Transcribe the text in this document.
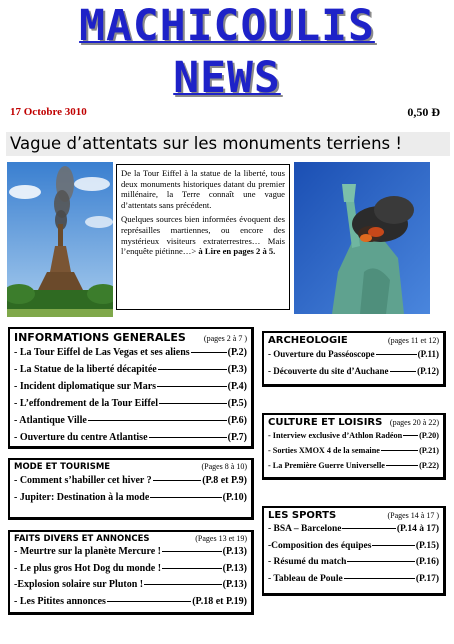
MACHICOULIS
NEWS
17 Octobre 3010	0,50 Ð
Vague d’attentats sur les monuments terriens !

De la Tour Eiffel à la statue de la liberté, tous deux monuments historiques datant du premier millénaire, la Terre connaît une vague d’attentats sans précédent.

Quelques sources bien informées évoquent des représailles martiennes, ou encore des mystérieux visiteurs extraterrestres… Mais l’enquête piétinne…> à Lire en pages 2 à 5.

INFORMATIONS GENERALES (pages 2 à 7 )
- La Tour Eiffel de Las Vegas et ses aliens	(P.2)
- La Statue de la liberté décapitée	(P.3)
- Incident diplomatique sur Mars	(P.4)
- L’effondrement de la Tour Eiffel	(P.5)
- Atlantique Ville	(P.6)
- Ouverture du centre Atlantise	(P.7)
MODE ET TOURISME	(Pages 8 à 10)
- Comment s’habiller cet hiver ?	(P.8 et P.9)
- Jupiter: Destination à la mode	(P.10)
FAITS DIVERS ET ANNONCES	(Pages 13 et 19)
- Meurtre sur la planète Mercure !	(P.13)
- Le plus gros Hot Dog du monde !	(P.13)
-Explosion solaire sur Pluton !	(P.13)
- Les Pitites annonces	(P.18 et P.19)
ARCHEOLOGIE	(pages 11 et 12)
- Ouverture du Passéoscope	(P.11)
- Découverte du site d’Auchane	(P.12)
CULTURE ET LOISIRS (pages 20 à 22)
- Interview exclusive d’Athlon Radéon (P.20)
- Sorties XMOX 4 de la semaine	(P.21)
- La Première Guerre Universelle	(P.22)
LES SPORTS	(Pages 14 à 17 )
- BSA – Barcelone	(P.14 à 17)
-Composition des équipes	(P.15)
- Résumé du match	(P.16)
- Tableau de Poule	(P.17)
